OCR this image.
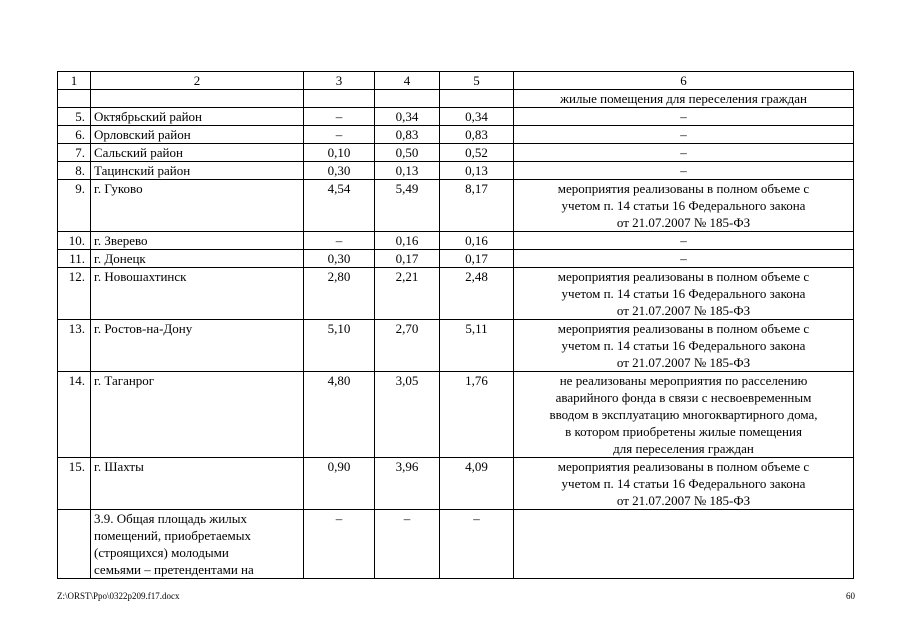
1	2	3	4	5	6
					жилые помещения для переселения граждан
5.	Октябрьский район	–	0,34	0,34	–
6.	Орловский район	–	0,83	0,83	–
7.	Сальский район	0,10	0,50	0,52	–
8.	Тацинский район	0,30	0,13	0,13	–
9.	г. Гуково	4,54	5,49	8,17	мероприятия реализованы в полном объеме с
учетом п. 14 статьи 16 Федерального закона
от 21.07.2007 № 185-ФЗ
10.	г. Зверево	–	0,16	0,16	–
11.	г. Донецк	0,30	0,17	0,17	–
12.	г. Новошахтинск	2,80	2,21	2,48	мероприятия реализованы в полном объеме с
учетом п. 14 статьи 16 Федерального закона
от 21.07.2007 № 185-ФЗ
13.	г. Ростов-на-Дону	5,10	2,70	5,11	мероприятия реализованы в полном объеме с
учетом п. 14 статьи 16 Федерального закона
от 21.07.2007 № 185-ФЗ
14.	г. Таганрог	4,80	3,05	1,76	не реализованы мероприятия по расселению
аварийного фонда в связи с несвоевременным
вводом в эксплуатацию многоквартирного дома,
в котором приобретены жилые помещения
для переселения граждан
15.	г. Шахты	0,90	3,96	4,09	мероприятия реализованы в полном объеме с
учетом п. 14 статьи 16 Федерального закона
от 21.07.2007 № 185-ФЗ
	3.9. Общая площадь жилых
помещений, приобретаемых
(строящихся) молодыми
семьями – претендентами на	–	–	–	
Z:\ORST\Ppo\0322p209.f17.docx	60
